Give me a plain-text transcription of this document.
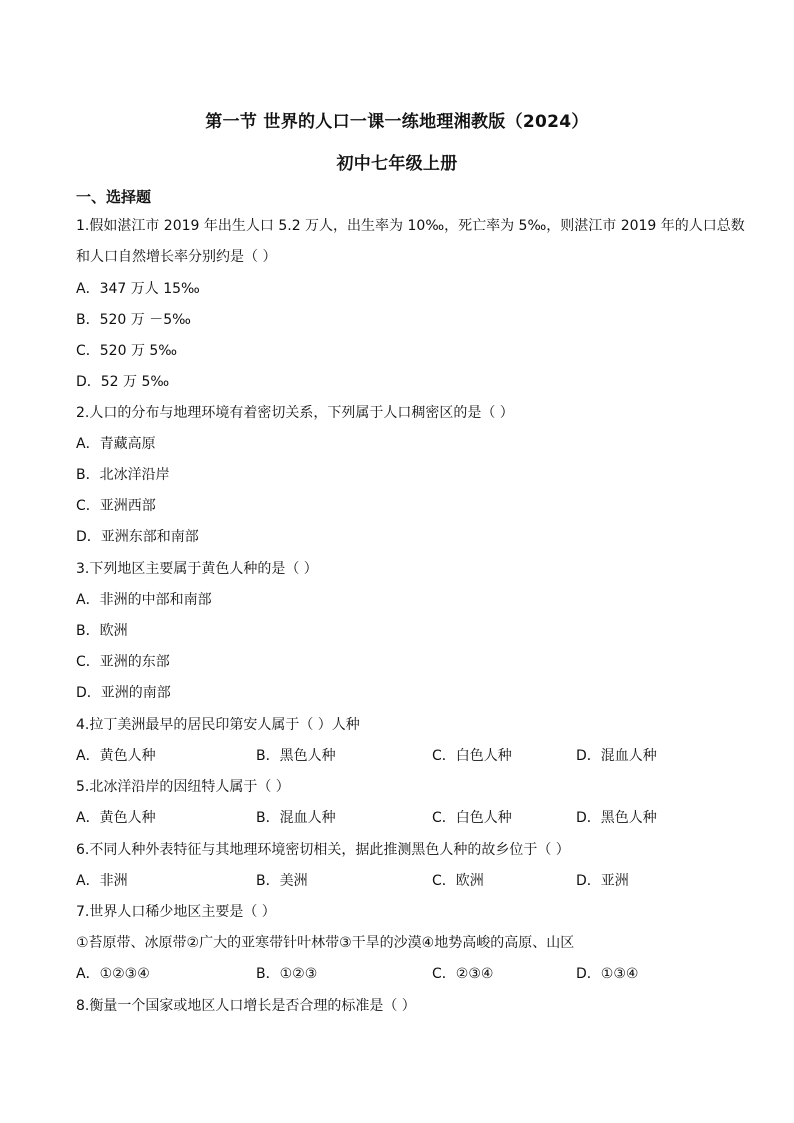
第一节 世界的人口一课一练地理湘教版（2024）
初中七年级上册
一、选择题
1.假如湛江市 2019 年出生人口 5.2 万人，出生率为 10‰，死亡率为 5‰，则湛江市 2019 年的人口总数
和人口自然增长率分别约是（ ）
A．347 万人 15‰
B．520 万 －5‰
C．520 万 5‰
D．52 万 5‰
2.人口的分布与地理环境有着密切关系，下列属于人口稠密区的是（ ）
A．青藏高原
B．北冰洋沿岸
C．亚洲西部
D．亚洲东部和南部
3.下列地区主要属于黄色人种的是（ ）
A．非洲的中部和南部
B．欧洲
C．亚洲的东部
D．亚洲的南部
4.拉丁美洲最早的居民印第安人属于（ ）人种
A．黄色人种	B．黑色人种	C．白色人种	D．混血人种
5.北冰洋沿岸的因纽特人属于（ ）
A．黄色人种	B．混血人种	C．白色人种	D．黑色人种
6.不同人种外表特征与其地理环境密切相关，据此推测黑色人种的故乡位于（ ）
A．非洲	B．美洲	C．欧洲	D．亚洲
7.世界人口稀少地区主要是（ ）
①苔原带、冰原带②广大的亚寒带针叶林带③干旱的沙漠④地势高峻的高原、山区
A．①②③④	B．①②③	C．②③④	D．①③④
8.衡量一个国家或地区人口增长是否合理的标准是（ ）
